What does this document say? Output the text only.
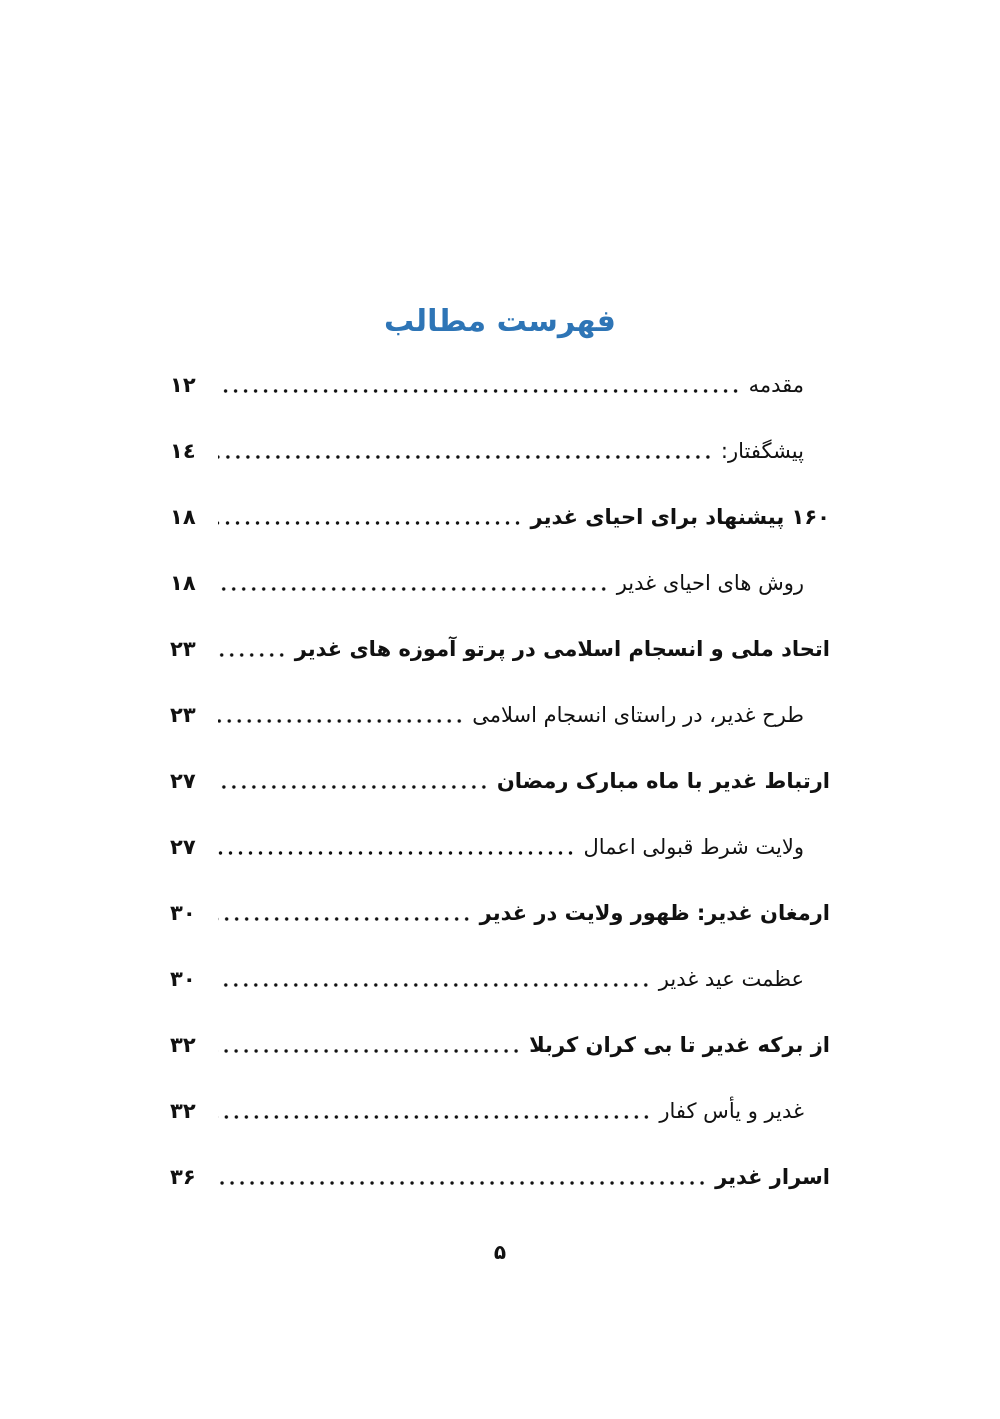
فهرست مطالب
مقدمه
۱۲
پیشگفتار:
۱٤
۱۶۰ پیشنهاد برای احیای غدیر
۱۸
روش های احیای غدیر
۱۸
اتحاد ملی و انسجام اسلامی در پرتو آموزه های غدیر
۲۳
طرح غدیر، در راستای انسجام اسلامی
۲۳
ارتباط غدیر با ماه مبارک رمضان
۲۷
ولایت شرط قبولی اعمال
۲۷
ارمغان غدیر: ظهور ولایت در غدیر
۳۰
عظمت عید غدیر
۳۰
از برکه غدیر تا بی کران کربلا
۳۲
غدیر و یأس کفار
۳۲
اسرار غدیر
۳۶
۵
